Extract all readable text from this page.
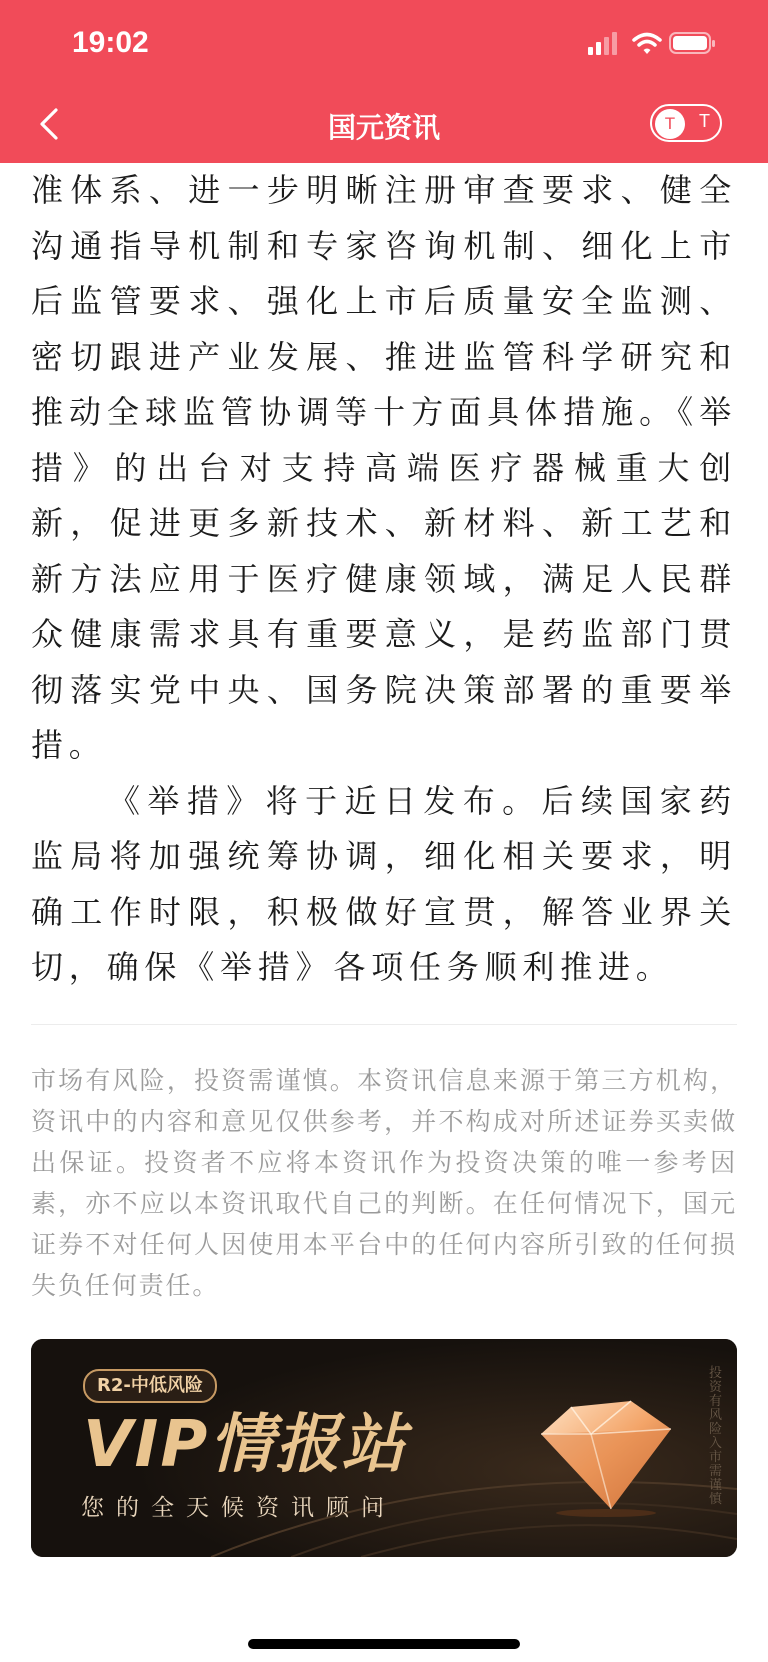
19:02
国元资讯	T	T

准体系、进一步明晰注册审查要求、健全沟通指导机制和专家咨询机制、细化上市后监管要求、强化上市后质量安全监测、密切跟进产业发展、推进监管科学研究和推动全球监管协调等十方面具体措施。《举措》的出台对支持高端医疗器械重大创新，促进更多新技术、新材料、新工艺和新方法应用于医疗健康领域，满足人民群众健康需求具有重要意义，是药监部门贯彻落实党中央、国务院决策部署的重要举措。

《举措》将于近日发布。后续国家药监局将加强统筹协调，细化相关要求，明确工作时限，积极做好宣贯，解答业界关切，确保《举措》各项任务顺利推进。

市场有风险，投资需谨慎。本资讯信息来源于第三方机构，资讯中的内容和意见仅供参考，并不构成对所述证券买卖做出保证。投资者不应将本资讯作为投资决策的唯一参考因素，亦不应以本资讯取代自己的判断。在任何情况下，国元证券不对任何人因使用本平台中的任何内容所引致的任何损失负任何责任。

R2-中低风险
VIP情报站
您的全天候资讯顾问
投资有风险 入市需谨慎
